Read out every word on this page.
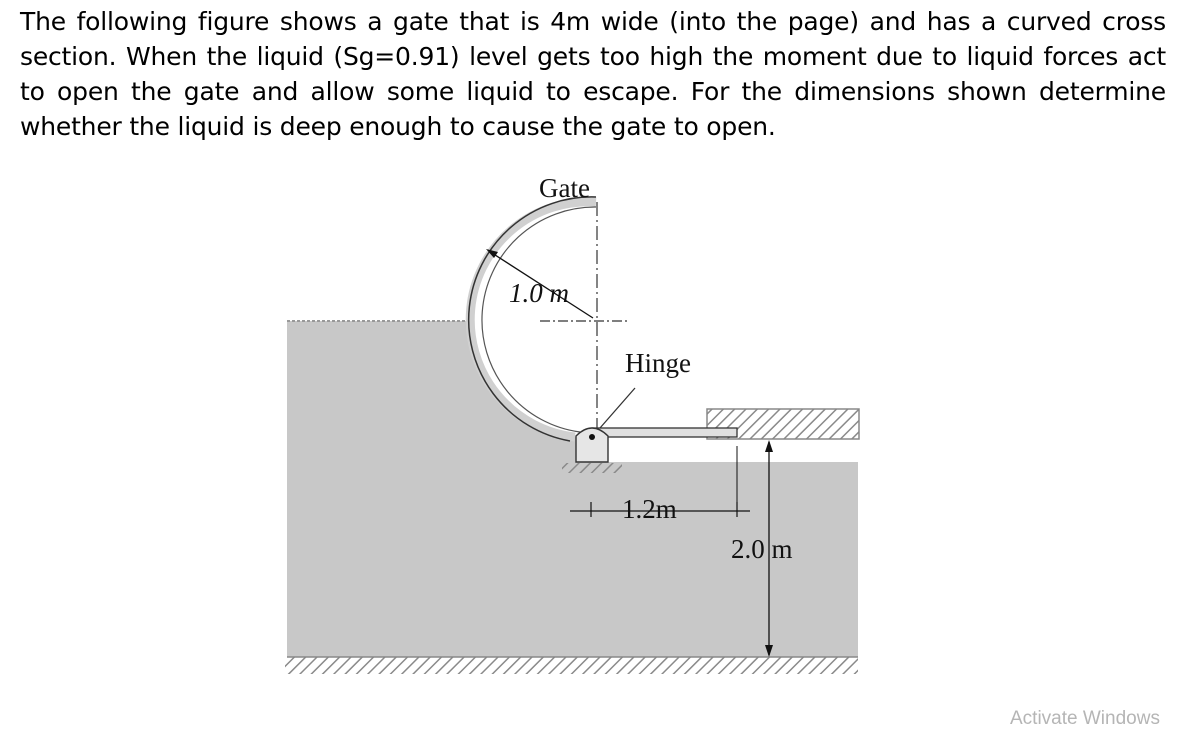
The following figure shows a gate that is 4m wide (into the page) and has a curved cross section. When the liquid (Sg=0.91) level gets too high the moment due to liquid forces act to open the gate and allow some liquid to escape. For the dimensions shown determine whether the liquid is deep enough to cause the gate to open.

Gate
1.0 m
Hinge
1.2m
2.0 m
Activate Windows
